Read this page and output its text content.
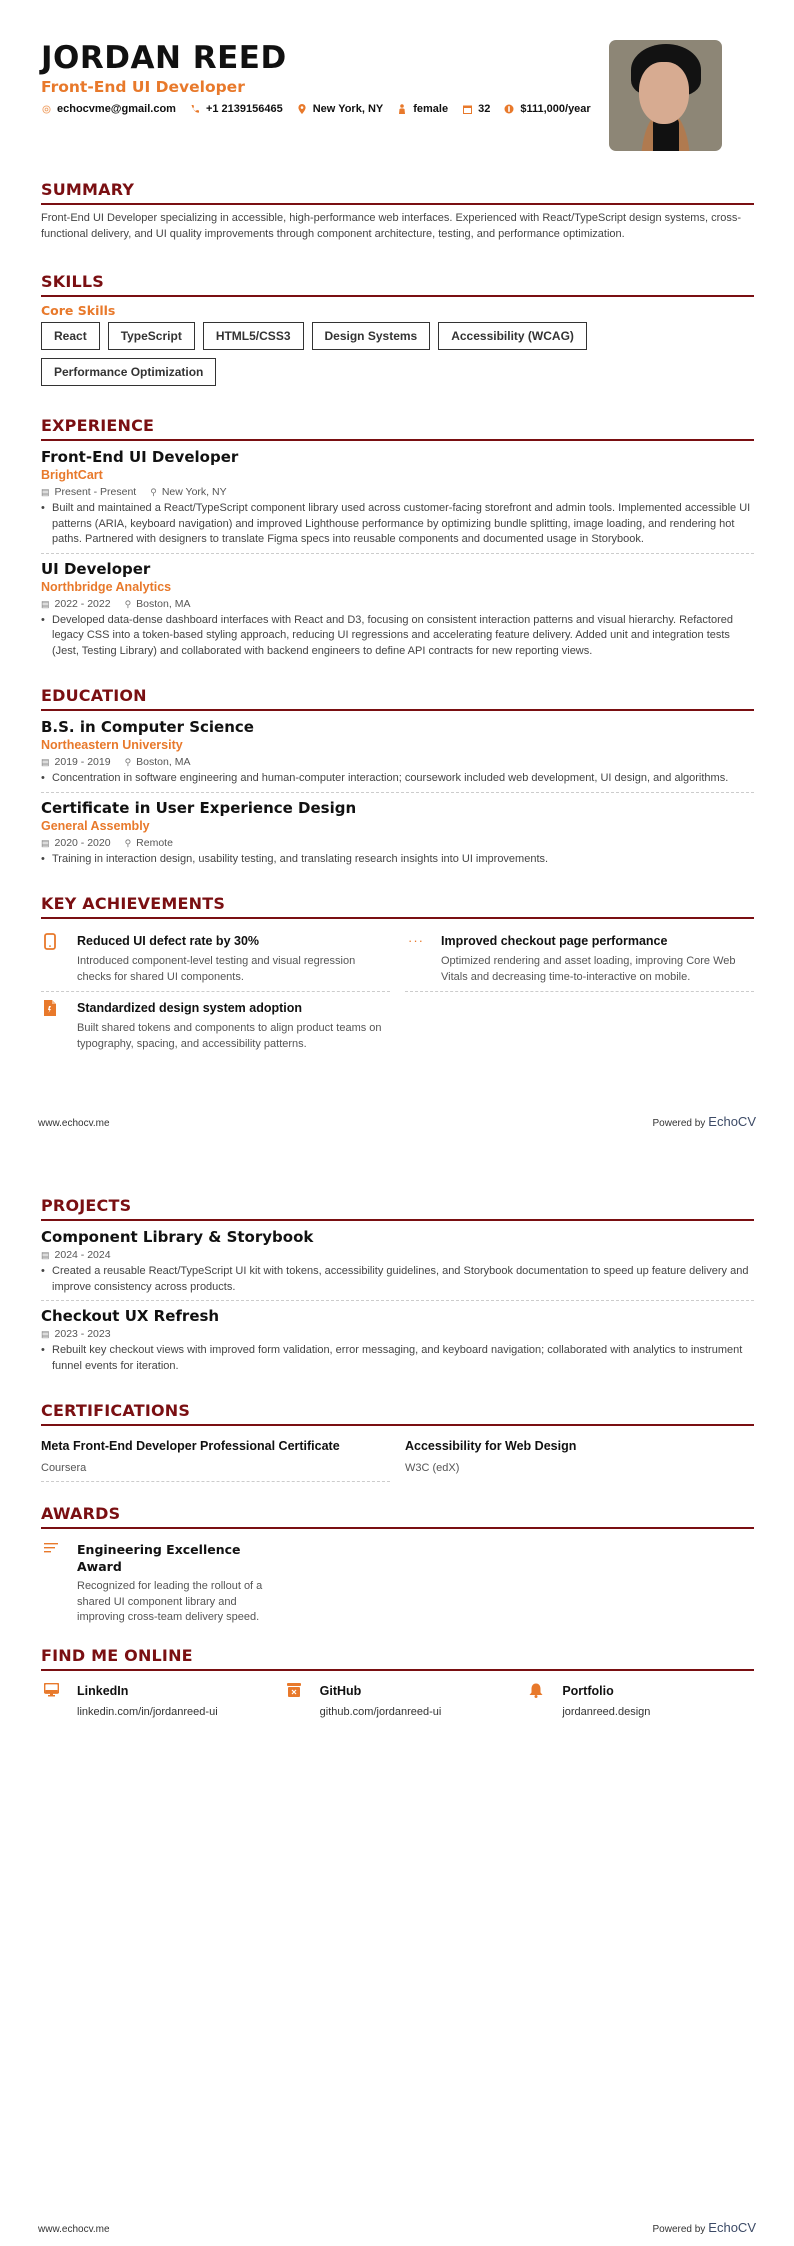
JORDAN REED
Front-End UI Developer
echocvme@gmail.com	+1 2139156465	New York, NY	female	32	$111,000/year
SUMMARY
Front-End UI Developer specializing in accessible, high-performance web interfaces. Experienced with React/TypeScript design systems, cross-functional delivery, and UI quality improvements through component architecture, testing, and performance optimization.
SKILLS
Core Skills
React	TypeScript	HTML5/CSS3	Design Systems	Accessibility (WCAG)
Performance Optimization
EXPERIENCE
Front-End UI Developer
BrightCart
▤ Present - Present ⚲ New York, NY
• Built and maintained a React/TypeScript component library used across customer-facing storefront and admin tools. Implemented accessible UI patterns (ARIA, keyboard navigation) and improved Lighthouse performance by optimizing bundle splitting, image loading, and rendering hot paths. Partnered with designers to translate Figma specs into reusable components and documented usage in Storybook.
UI Developer
Northbridge Analytics
▤ 2022 - 2022 ⚲ Boston, MA
• Developed data-dense dashboard interfaces with React and D3, focusing on consistent interaction patterns and visual hierarchy. Refactored legacy CSS into a token-based styling approach, reducing UI regressions and accelerating feature delivery. Added unit and integration tests (Jest, Testing Library) and collaborated with backend engineers to define API contracts for new reporting views.
EDUCATION
B.S. in Computer Science
Northeastern University
▤ 2019 - 2019 ⚲ Boston, MA
• Concentration in software engineering and human-computer interaction; coursework included web development, UI design, and algorithms.
Certificate in User Experience Design
General Assembly
▤ 2020 - 2020 ⚲ Remote
• Training in interaction design, usability testing, and translating research insights into UI improvements.
KEY ACHIEVEMENTS
Reduced UI defect rate by 30%
Introduced component-level testing and visual regression checks for shared UI components.
···	Improved checkout page performance
Optimized rendering and asset loading, improving Core Web Vitals and decreasing time-to-interactive on mobile.
Standardized design system adoption
Built shared tokens and components to align product teams on typography, spacing, and accessibility patterns.
www.echocv.me	Powered by EchoCV
PROJECTS
Component Library & Storybook
▤ 2024 - 2024
• Created a reusable React/TypeScript UI kit with tokens, accessibility guidelines, and Storybook documentation to speed up feature delivery and improve consistency across products.
Checkout UX Refresh
▤ 2023 - 2023
• Rebuilt key checkout views with improved form validation, error messaging, and keyboard navigation; collaborated with analytics to instrument funnel events for iteration.
CERTIFICATIONS
Meta Front-End Developer Professional Certificate
Coursera
Accessibility for Web Design
W3C (edX)
AWARDS
Engineering Excellence Award
Recognized for leading the rollout of a shared UI component library and improving cross-team delivery speed.
FIND ME ONLINE
LinkedIn
linkedin.com/in/jordanreed-ui
GitHub
github.com/jordanreed-ui
Portfolio
jordanreed.design
www.echocv.me	Powered by EchoCV
